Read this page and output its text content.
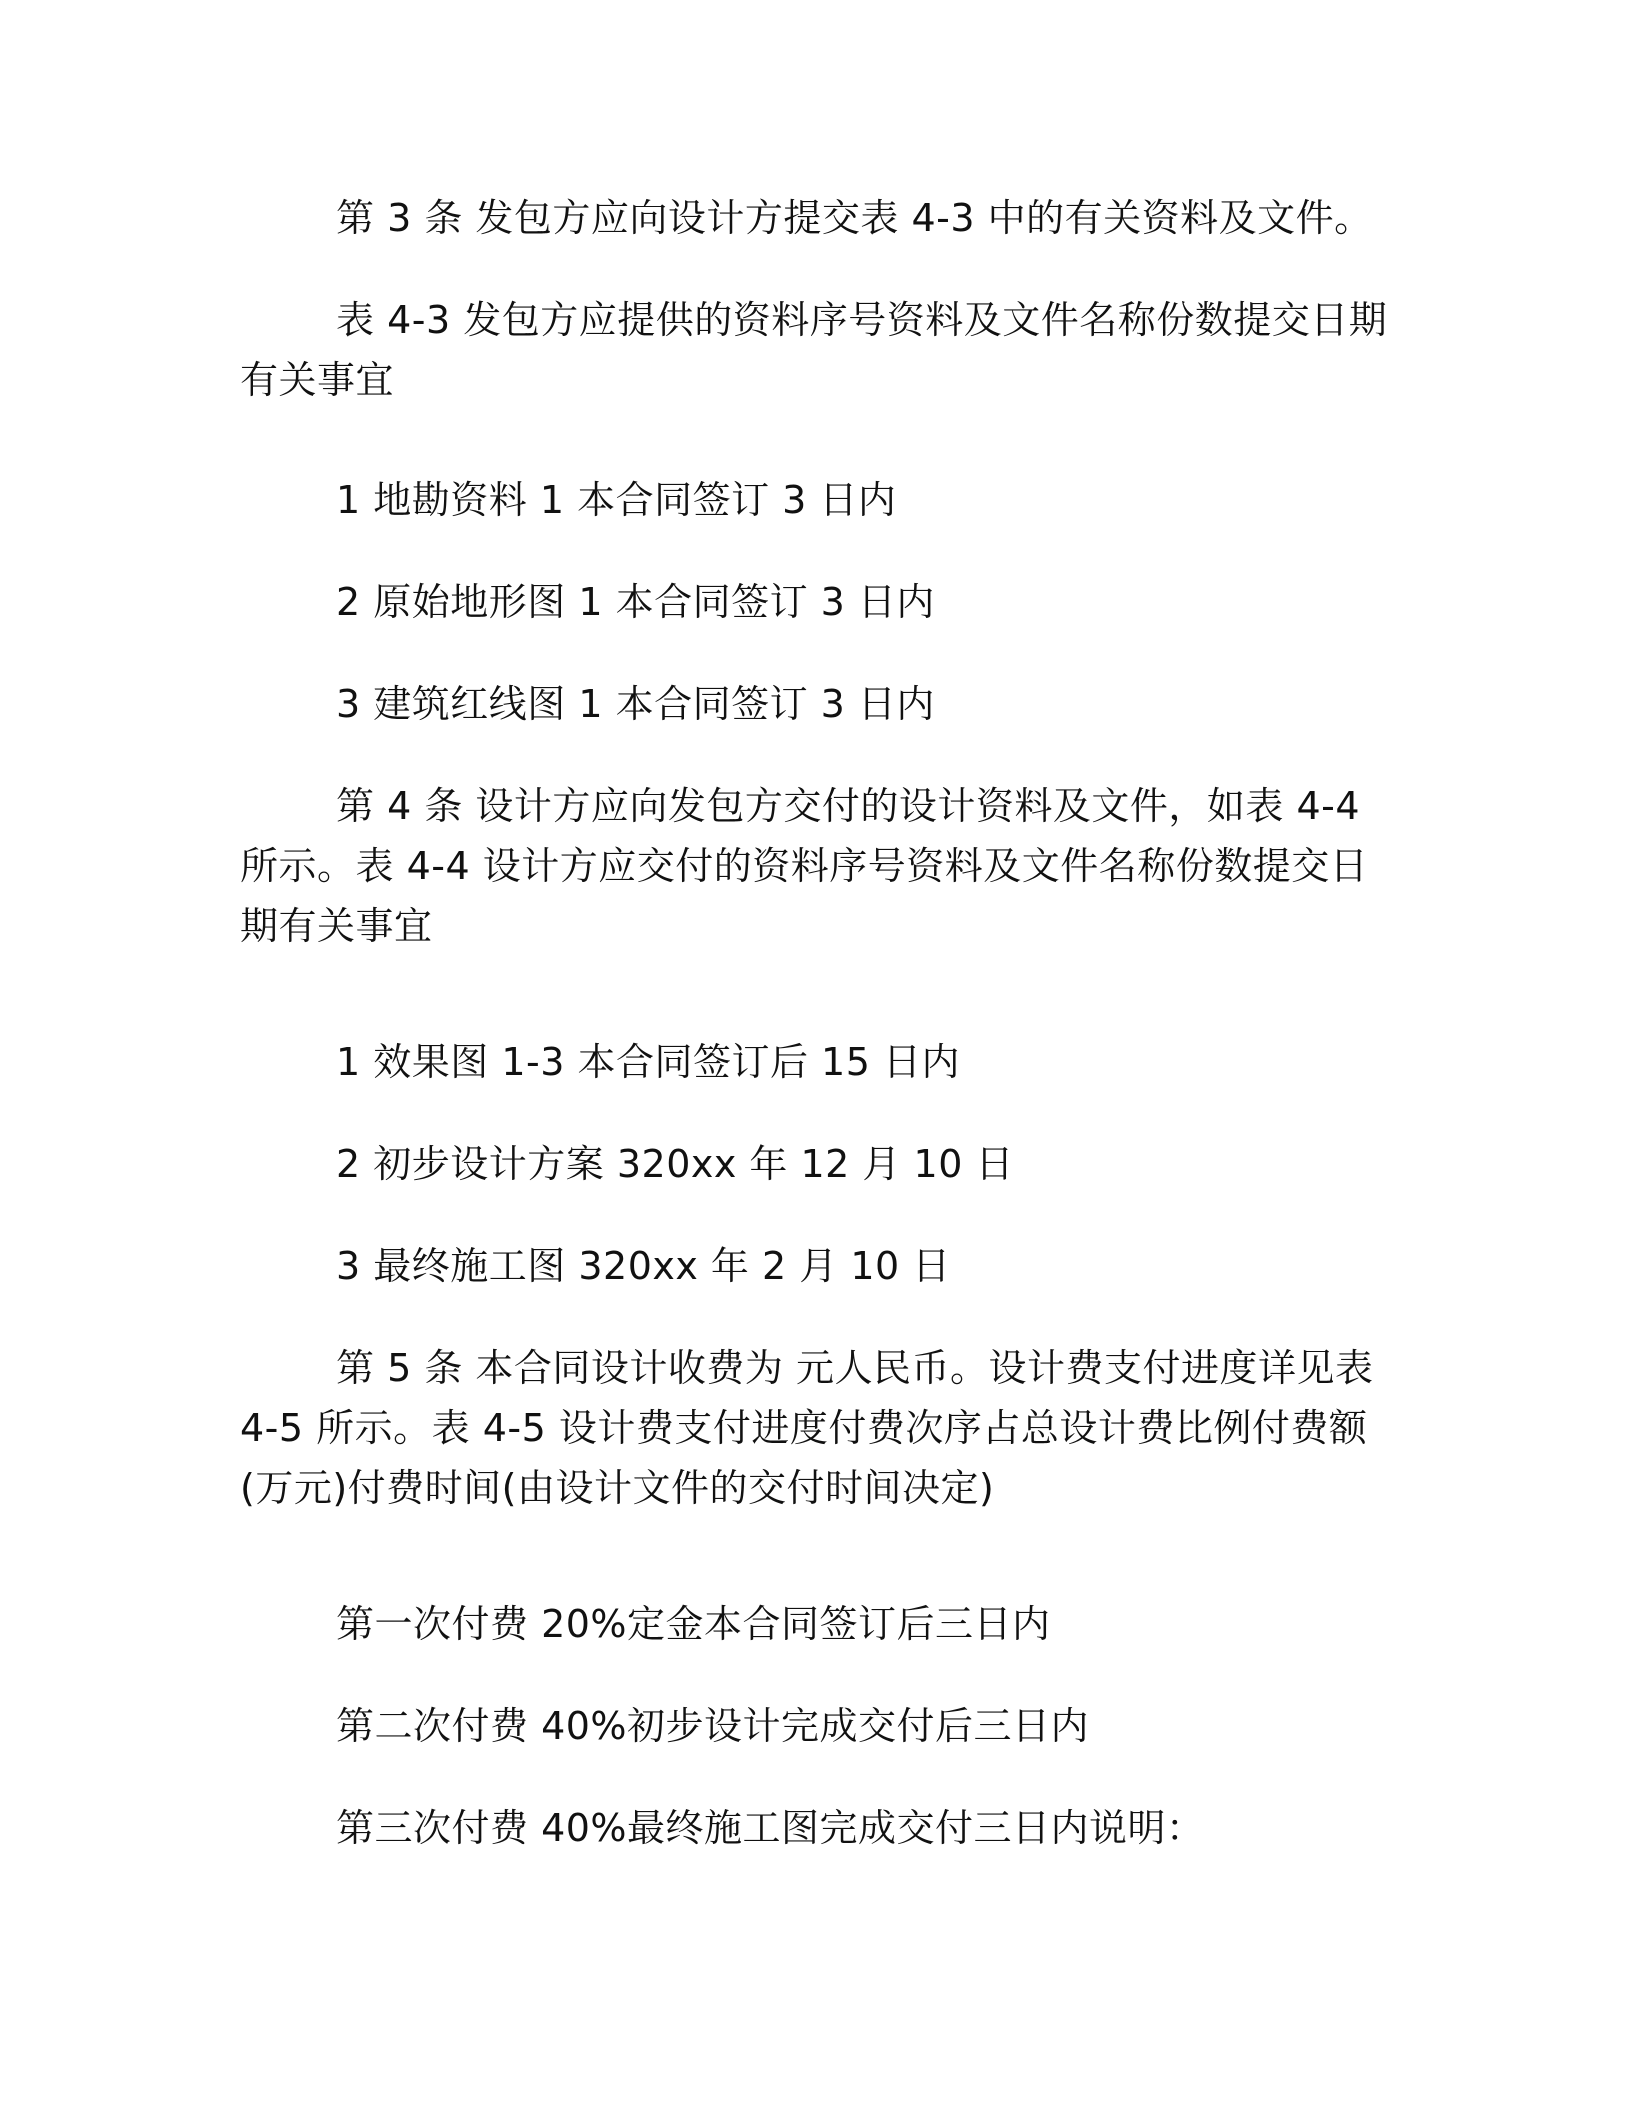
第 3 条 发包方应向设计方提交表 4-3 中的有关资料及文件。

表 4-3 发包方应提供的资料序号资料及文件名称份数提交日期有关事宜

1 地勘资料 1 本合同签订 3 日内

2 原始地形图 1 本合同签订 3 日内

3 建筑红线图 1 本合同签订 3 日内

第 4 条 设计方应向发包方交付的设计资料及文件，如表 4-4 所示。表 4-4 设计方应交付的资料序号资料及文件名称份数提交日期有关事宜

1 效果图 1-3 本合同签订后 15 日内

2 初步设计方案 320xx 年 12 月 10 日

3 最终施工图 320xx 年 2 月 10 日

第 5 条 本合同设计收费为 元人民币。设计费支付进度详见表 4-5 所示。表 4-5 设计费支付进度付费次序占总设计费比例付费额(万元)付费时间(由设计文件的交付时间决定)

第一次付费 20%定金本合同签订后三日内

第二次付费 40%初步设计完成交付后三日内

第三次付费 40%最终施工图完成交付三日内说明：
